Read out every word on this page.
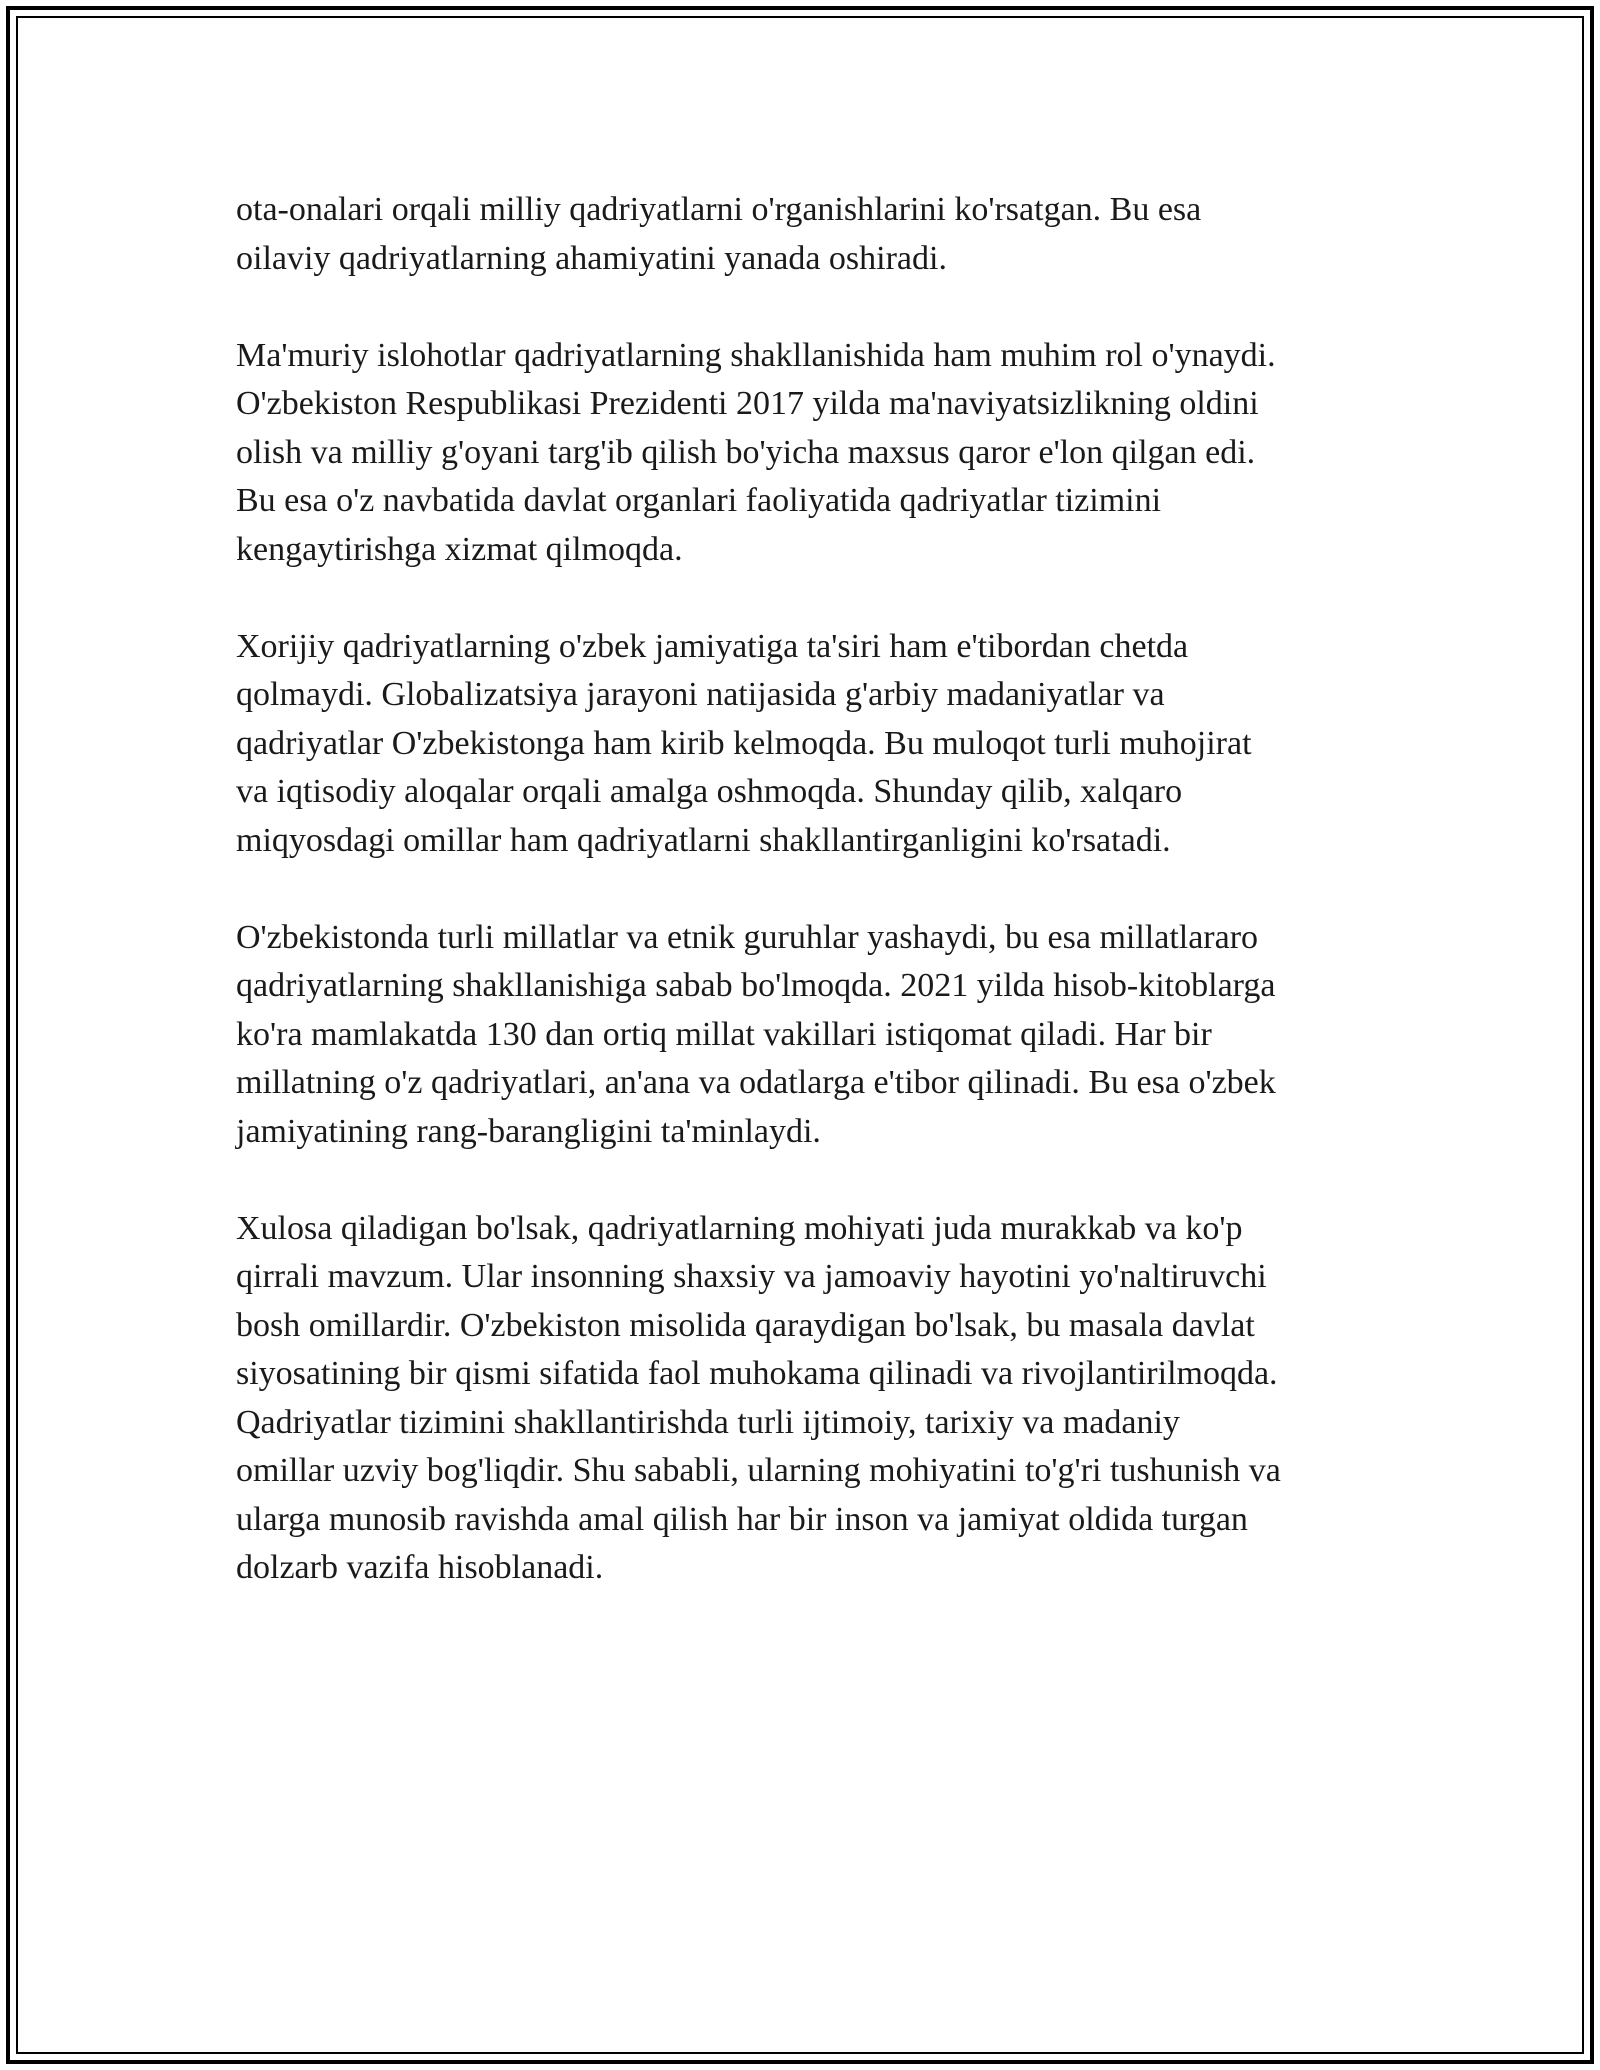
ota-onalari orqali milliy qadriyatlarni o'rganishlarini ko'rsatgan. Bu esa
oilaviy qadriyatlarning ahamiyatini yanada oshiradi.

Ma'muriy islohotlar qadriyatlarning shakllanishida ham muhim rol o'ynaydi.
O'zbekiston Respublikasi Prezidenti 2017 yilda ma'naviyatsizlikning oldini
olish va milliy g'oyani targ'ib qilish bo'yicha maxsus qaror e'lon qilgan edi.
Bu esa o'z navbatida davlat organlari faoliyatida qadriyatlar tizimini
kengaytirishga xizmat qilmoqda.

Xorijiy qadriyatlarning o'zbek jamiyatiga ta'siri ham e'tibordan chetda
qolmaydi. Globalizatsiya jarayoni natijasida g'arbiy madaniyatlar va
qadriyatlar O'zbekistonga ham kirib kelmoqda. Bu muloqot turli muhojirat
va iqtisodiy aloqalar orqali amalga oshmoqda. Shunday qilib, xalqaro
miqyosdagi omillar ham qadriyatlarni shakllantirganligini ko'rsatadi.

O'zbekistonda turli millatlar va etnik guruhlar yashaydi, bu esa millatlararo
qadriyatlarning shakllanishiga sabab bo'lmoqda. 2021 yilda hisob-kitoblarga
ko'ra mamlakatda 130 dan ortiq millat vakillari istiqomat qiladi. Har bir
millatning o'z qadriyatlari, an'ana va odatlarga e'tibor qilinadi. Bu esa o'zbek
jamiyatining rang-barangligini ta'minlaydi.

Xulosa qiladigan bo'lsak, qadriyatlarning mohiyati juda murakkab va ko'p
qirrali mavzum. Ular insonning shaxsiy va jamoaviy hayotini yo'naltiruvchi
bosh omillardir. O'zbekiston misolida qaraydigan bo'lsak, bu masala davlat
siyosatining bir qismi sifatida faol muhokama qilinadi va rivojlantirilmoqda.
Qadriyatlar tizimini shakllantirishda turli ijtimoiy, tarixiy va madaniy
omillar uzviy bog'liqdir. Shu sababli, ularning mohiyatini to'g'ri tushunish va
ularga munosib ravishda amal qilish har bir inson va jamiyat oldida turgan
dolzarb vazifa hisoblanadi.
